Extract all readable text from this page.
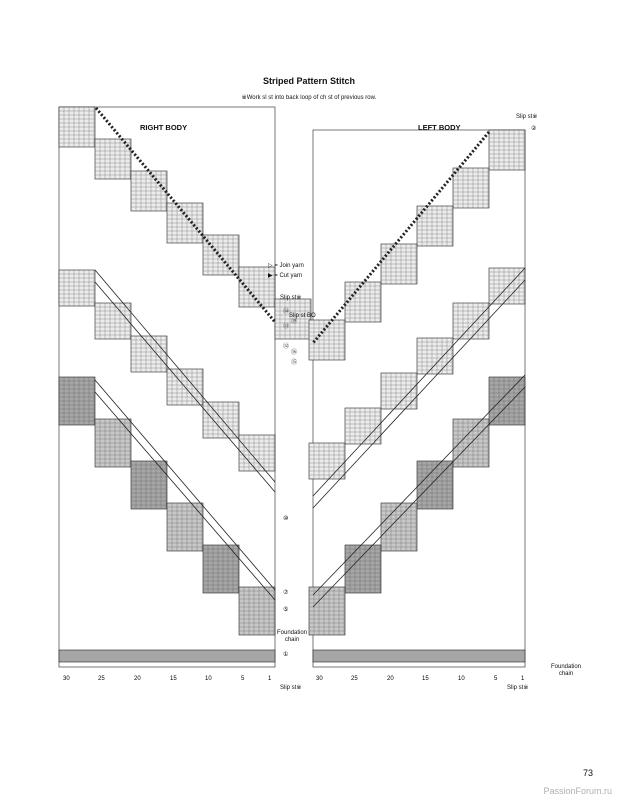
Striped Pattern Stitch
※Work sl st into back loop of ch st of previous row.
30	30
25	25
20	20
15	15
10	10
5	5
1	1
①
②
⑤
⑦
⑩
⑫
⑬
⑭
⑮
⑯
⑲
RIGHT BODY	LEFT BODY
▷ = Join yarn
▶ = Cut yarn
Slip st※
Slip st※
Slip st BO
Foundation chain
Foundation chain
Slip st※	Slip st※
73
PassionForum.ru
